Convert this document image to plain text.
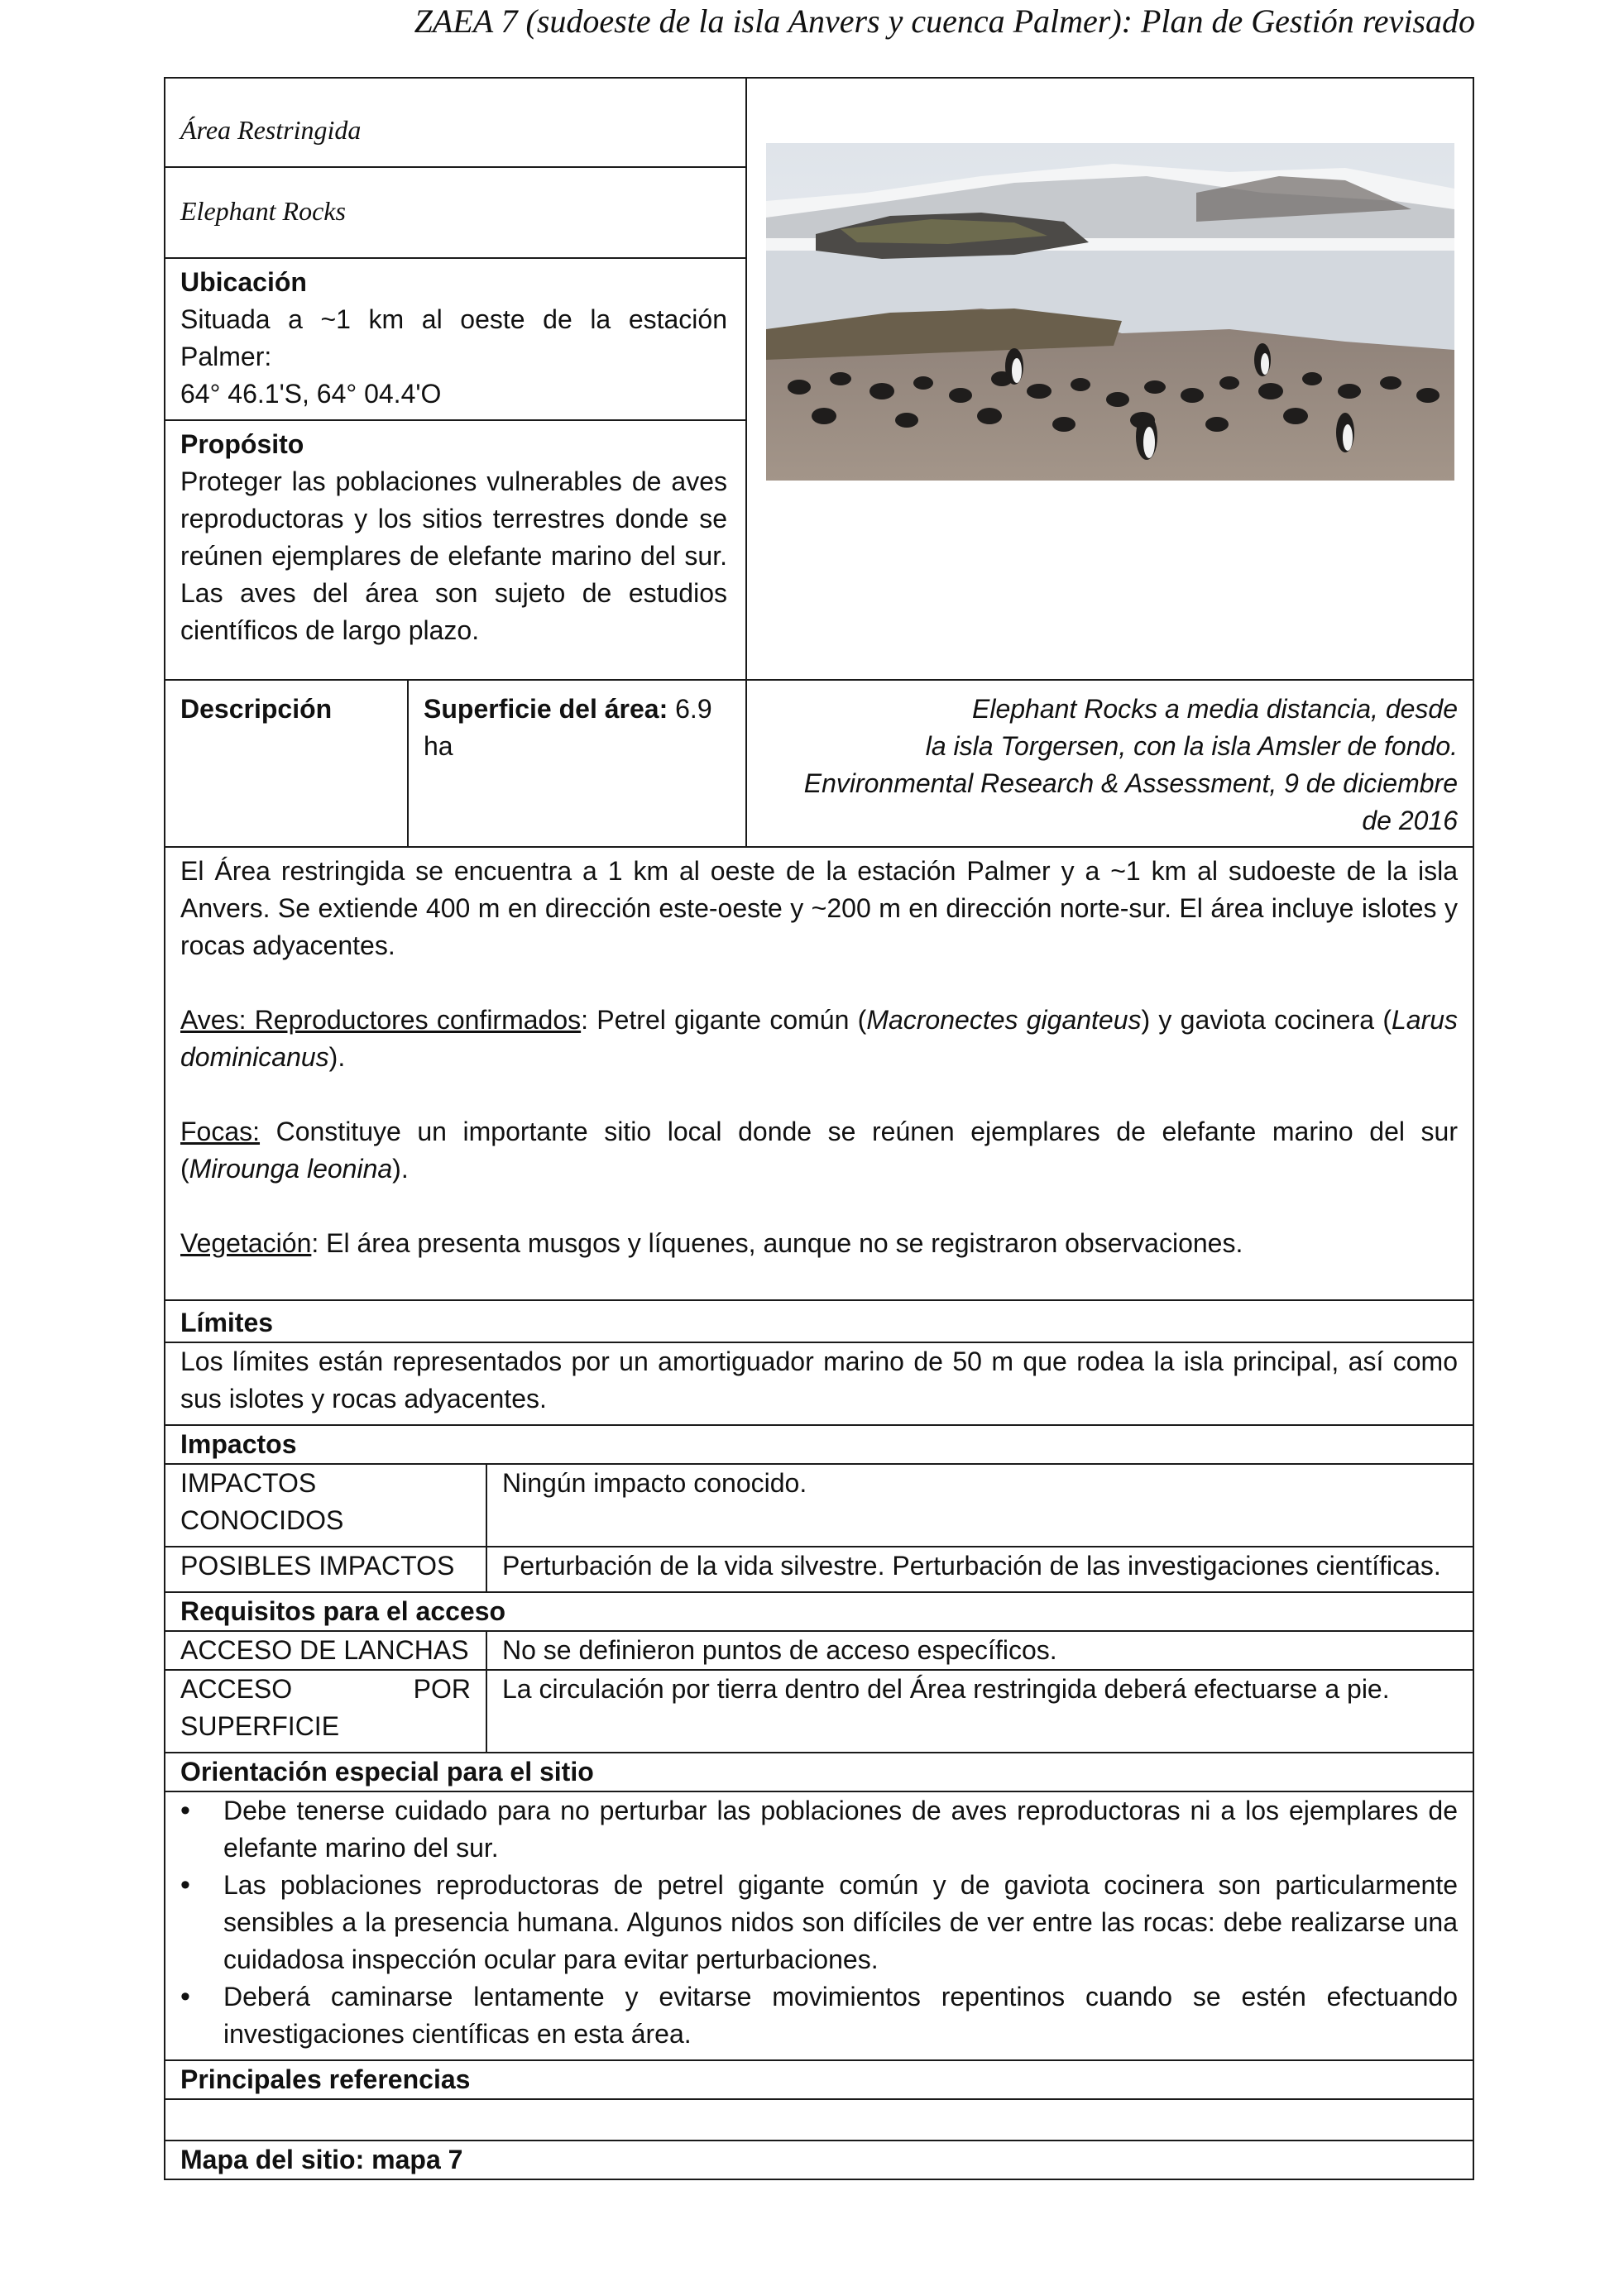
ZAEA 7 (sudoeste de la isla Anvers y cuenca Palmer): Plan de Gestión revisado
Área Restringida	

Elephant Rocks

Ubicación

Situada a ~1 km al oeste de la estación Palmer:

64° 46.1'S, 64° 04.4'O

Propósito

Proteger las poblaciones vulnerables de aves reproductoras y los sitios terrestres donde se reúnen ejemplares de elefante marino del sur. Las aves del área son sujeto de estudios científicos de largo plazo.

Descripción	Superficie del área: 6.9 ha	

Elephant Rocks a media distancia, desde

la isla Torgersen, con la isla Amsler de fondo.

Environmental Research & Assessment, 9 de diciembre

de 2016

El Área restringida se encuentra a 1 km al oeste de la estación Palmer y a ~1 km al sudoeste de la isla Anvers. Se extiende 400 m en dirección este-oeste y ~200 m en dirección norte-sur. El área incluye islotes y rocas adyacentes.

Aves: Reproductores confirmados: Petrel gigante común (Macronectes giganteus) y gaviota cocinera (Larus dominicanus).

Focas: Constituye un importante sitio local donde se reúnen ejemplares de elefante marino del sur (Mirounga leonina).

Vegetación: El área presenta musgos y líquenes, aunque no se registraron observaciones.

Límites
Los límites están representados por un amortiguador marino de 50 m que rodea la isla principal, así como sus islotes y rocas adyacentes.
Impactos
IMPACTOS CONOCIDOS	Ningún impacto conocido.
POSIBLES IMPACTOS	Perturbación de la vida silvestre. Perturbación de las investigaciones científicas.
Requisitos para el acceso
ACCESO DE LANCHAS	No se definieron puntos de acceso específicos.
ACCESO POR SUPERFICIE	La circulación por tierra dentro del Área restringida deberá efectuarse a pie.
Orientación especial para el sitio

• Debe tenerse cuidado para no perturbar las poblaciones de aves reproductoras ni a los ejemplares de elefante marino del sur.
• Las poblaciones reproductoras de petrel gigante común y de gaviota cocinera son particularmente sensibles a la presencia humana. Algunos nidos son difíciles de ver entre las rocas: debe realizarse una cuidadosa inspección ocular para evitar perturbaciones.
• Deberá caminarse lentamente y evitarse movimientos repentinos cuando se estén efectuando investigaciones científicas en esta área.

Principales referencias

Mapa del sitio: mapa 7
